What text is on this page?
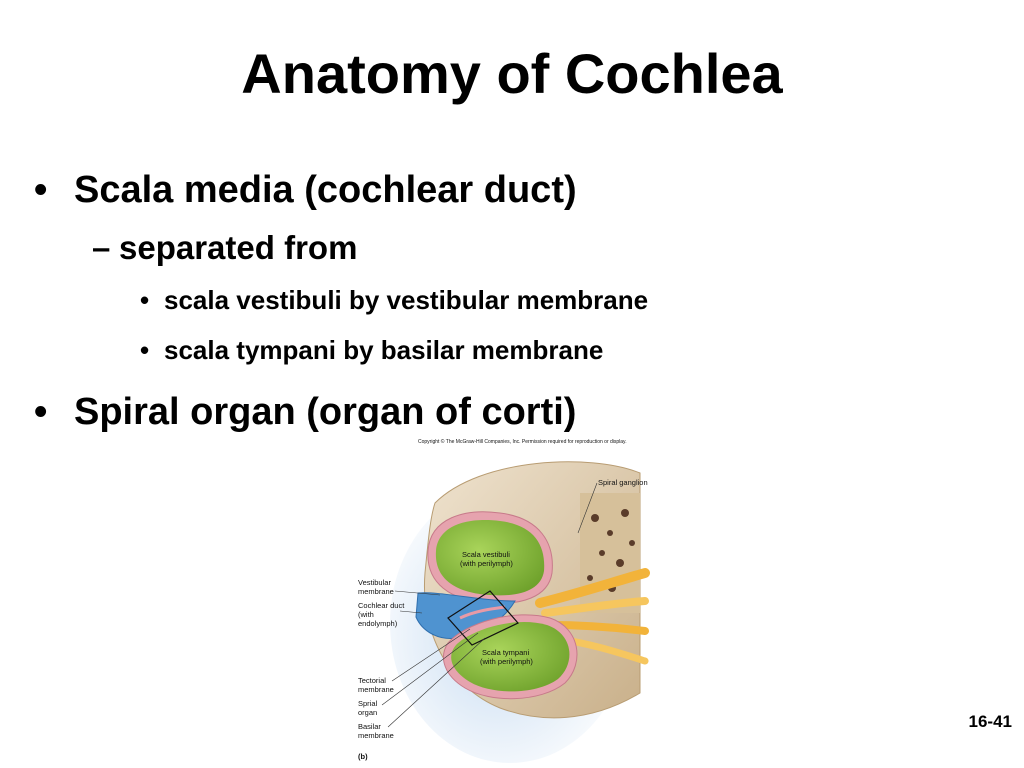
Anatomy of Cochlea
• Scala media (cochlear duct)
– separated from
• scala vestibuli by vestibular membrane
• scala tympani by basilar membrane
• Spiral organ (organ of corti)
Copyright © The McGraw-Hill Companies, Inc. Permission required for reproduction or display.
Spiral ganglion
Scala vestibuli
(with perilymph)
Scala tympani
(with perilymph)
Vestibular
membrane
Cochlear duct
(with
endolymph)
Tectorial
membrane
Sprial
organ
Basilar
membrane
(b)
16-41
